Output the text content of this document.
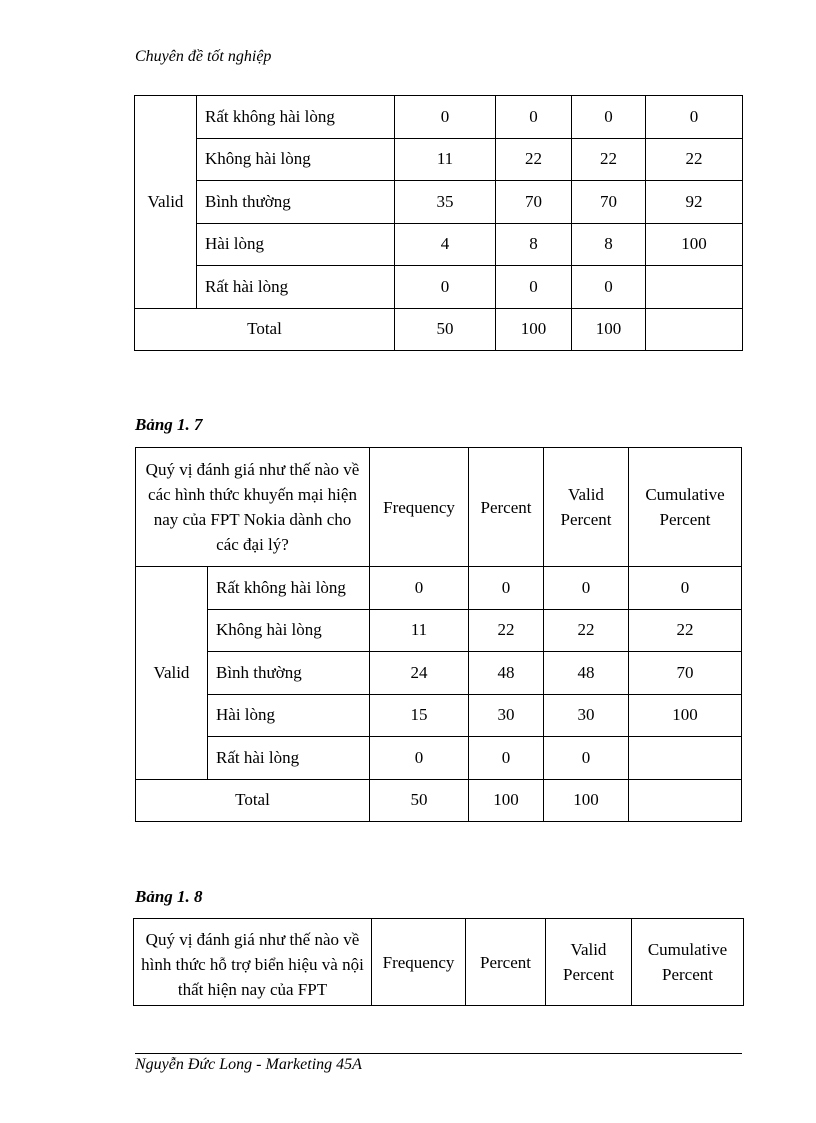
Chuyên đề tốt nghiệp
Valid	Rất không hài lòng	0	0	0	0
	Không hài lòng	11	22	22	22
	Bình thường	35	70	70	92
	Hài lòng	4	8	8	100
	Rất hài lòng	0	0	0	
Total		50	100	100	
Bảng 1. 7
Quý vị đánh giá như thế nào về các hình thức khuyến mại hiện nay của FPT Nokia dành cho các đại lý?		Frequency	Percent	Valid Percent	Cumulative Percent
Valid	Rất không hài lòng	0	0	0	0
	Không hài lòng	11	22	22	22
	Bình thường	24	48	48	70
	Hài lòng	15	30	30	100
	Rất hài lòng	0	0	0	
Total		50	100	100	
Bảng 1. 8
Quý vị đánh giá như thế nào về hình thức hỗ trợ biển hiệu và nội thất hiện nay của FPT	Frequency	Percent	Valid Percent	Cumulative Percent
Nguyễn Đức Long - Marketing 45A
